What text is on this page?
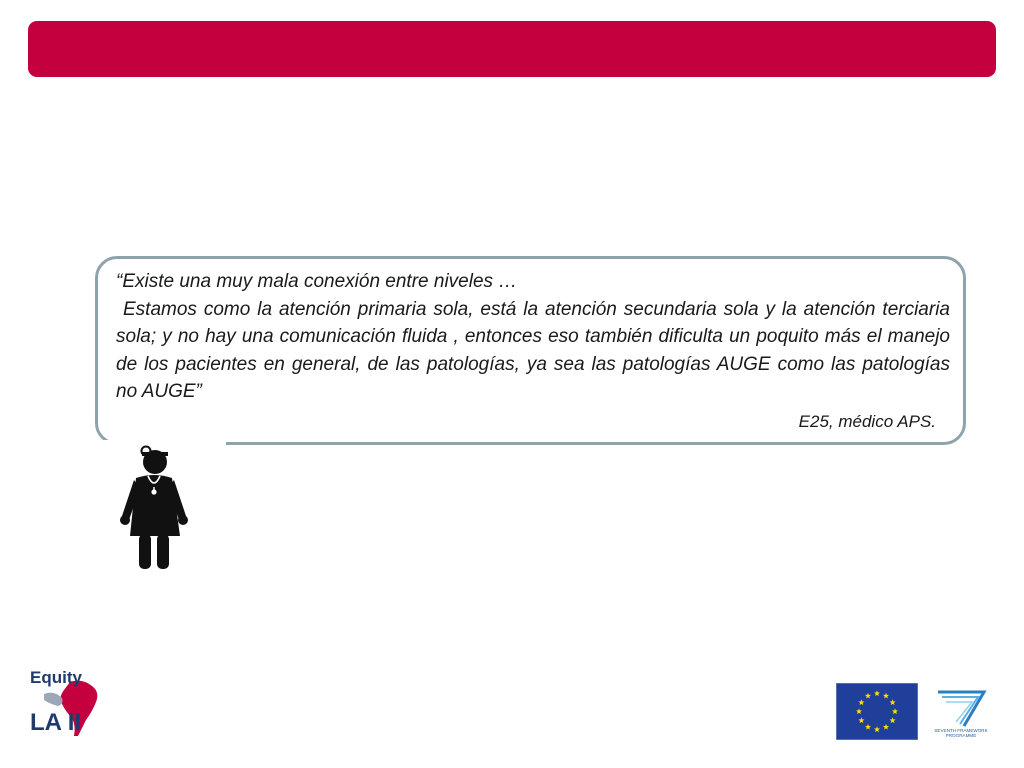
“Existe una muy mala conexión entre niveles …

Estamos como la atención primaria sola, está la atención secundaria sola y la atención terciaria sola; y no hay una comunicación fluida , entonces eso también dificulta un poquito más el manejo de los pacientes en general, de las patologías, ya sea las patologías AUGE como las patologías no AUGE”

E25, médico APS.
Equity
LA II	SEVENTH FRAMEWORK
PROGRAMME
